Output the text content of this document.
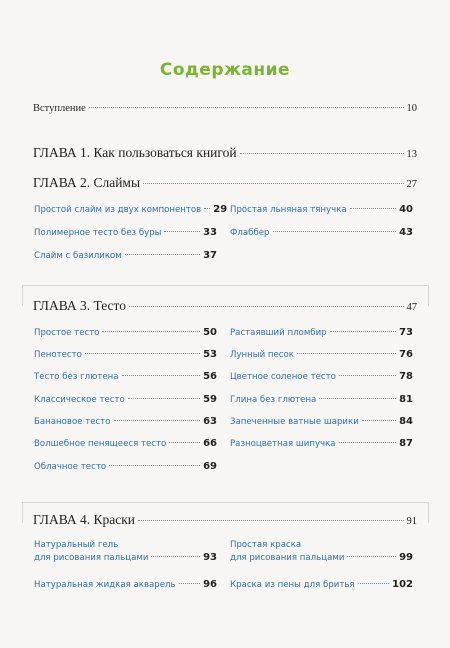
Содержание
Вступление	10
ГЛАВА 1. Как пользоваться книгой	13
ГЛАВА 2. Слаймы	27
Простой слайм из двух компонентов 29
Полимерное тесто без буры	33
Слайм с базиликом	37
Простая льняная тянучка	40
Флаббер	43
ГЛАВА 3. Тесто	47
Простое тесто	50
Пенотесто	53
Тесто без глютена	56
Классическое тесто	59
Банановое тесто	63
Волшебное пенящееся тесто	66
Облачное тесто	69
Растаявший пломбир	73
Лунный песок	76
Цветное соленое тесто	78
Глина без глютена	81
Запеченные ватные шарики	84
Разноцветная шипучка	87
ГЛАВА 4. Краски	91
Натуральный гель
для рисования пальцами	93
Натуральная жидкая акварель	96
Простая краска
для рисования пальцами	99
Краска из пены для бритья	102
